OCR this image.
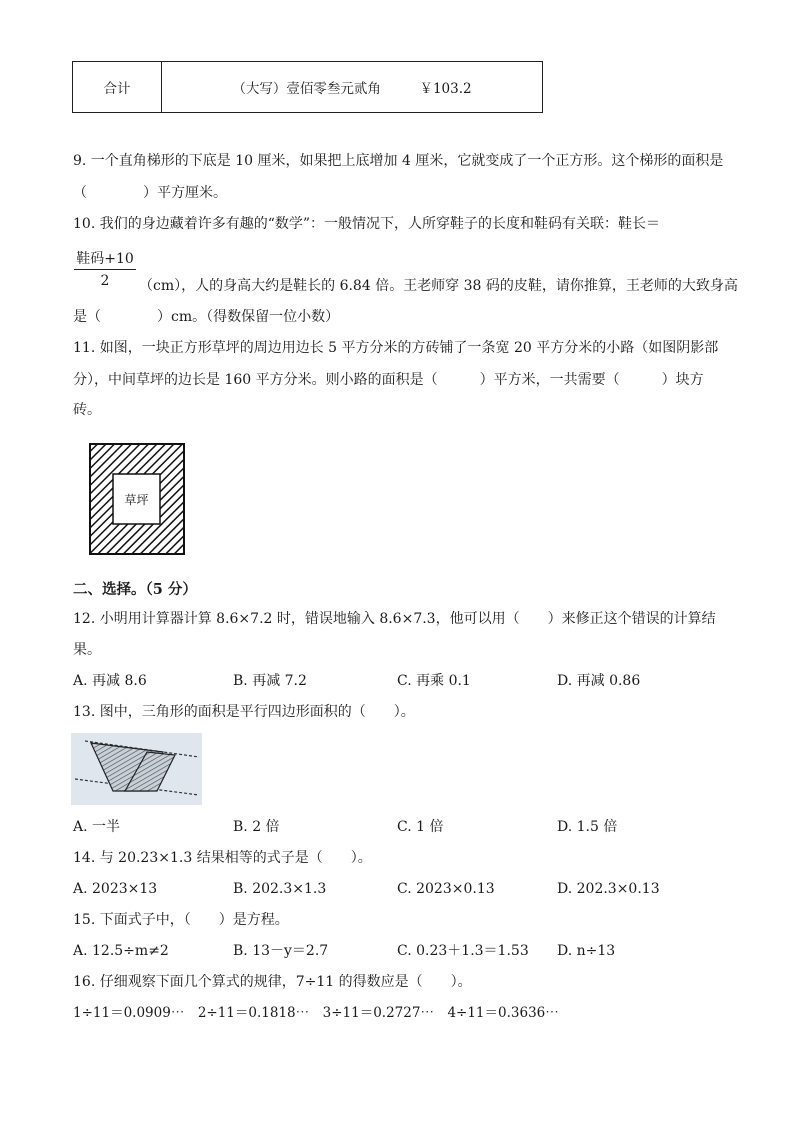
合计	（大写）壹佰零叁元贰角	￥103.2
9. 一个直角梯形的下底是 10 厘米，如果把上底增加 4 厘米，它就变成了一个正方形。这个梯形的面积是
（　　　　）平方厘米。
10. 我们的身边藏着许多有趣的“数学”：一般情况下，人所穿鞋子的长度和鞋码有关联：鞋长＝
鞋码+10
2	（cm），人的身高大约是鞋长的 6.84 倍。王老师穿 38 码的皮鞋，请你推算，王老师的大致身高
是（　　　　）cm。（得数保留一位小数）
11. 如图，一块正方形草坪的周边用边长 5 平方分米的方砖铺了一条宽 20 平方分米的小路（如图阴影部
分），中间草坪的边长是 160 平方分米。则小路的面积是（　　　）平方米，一共需要（　　　）块方
砖。
草坪
二、选择。（5 分）
12. 小明用计算器计算 8.6×7.2 时，错误地输入 8.6×7.3，他可以用（　　）来修正这个错误的计算结
果。
A. 再减 8.6	B. 再减 7.2	C. 再乘 0.1	D. 再减 0.86
13. 图中，三角形的面积是平行四边形面积的（　　）。
A. 一半	B. 2 倍	C. 1 倍	D. 1.5 倍
14. 与 20.23×1.3 结果相等的式子是（　　）。
A. 2023×13	B. 202.3×1.3	C. 2023×0.13	D. 202.3×0.13
15. 下面式子中，（　　）是方程。
A. 12.5÷m≠2	B. 13－y＝2.7	C. 0.23＋1.3＝1.53 D. n÷13
16. 仔细观察下面几个算式的规律，7÷11 的得数应是（　　）。
1÷11＝0.0909⋯　2÷11＝0.1818⋯　3÷11＝0.2727⋯　4÷11＝0.3636⋯
